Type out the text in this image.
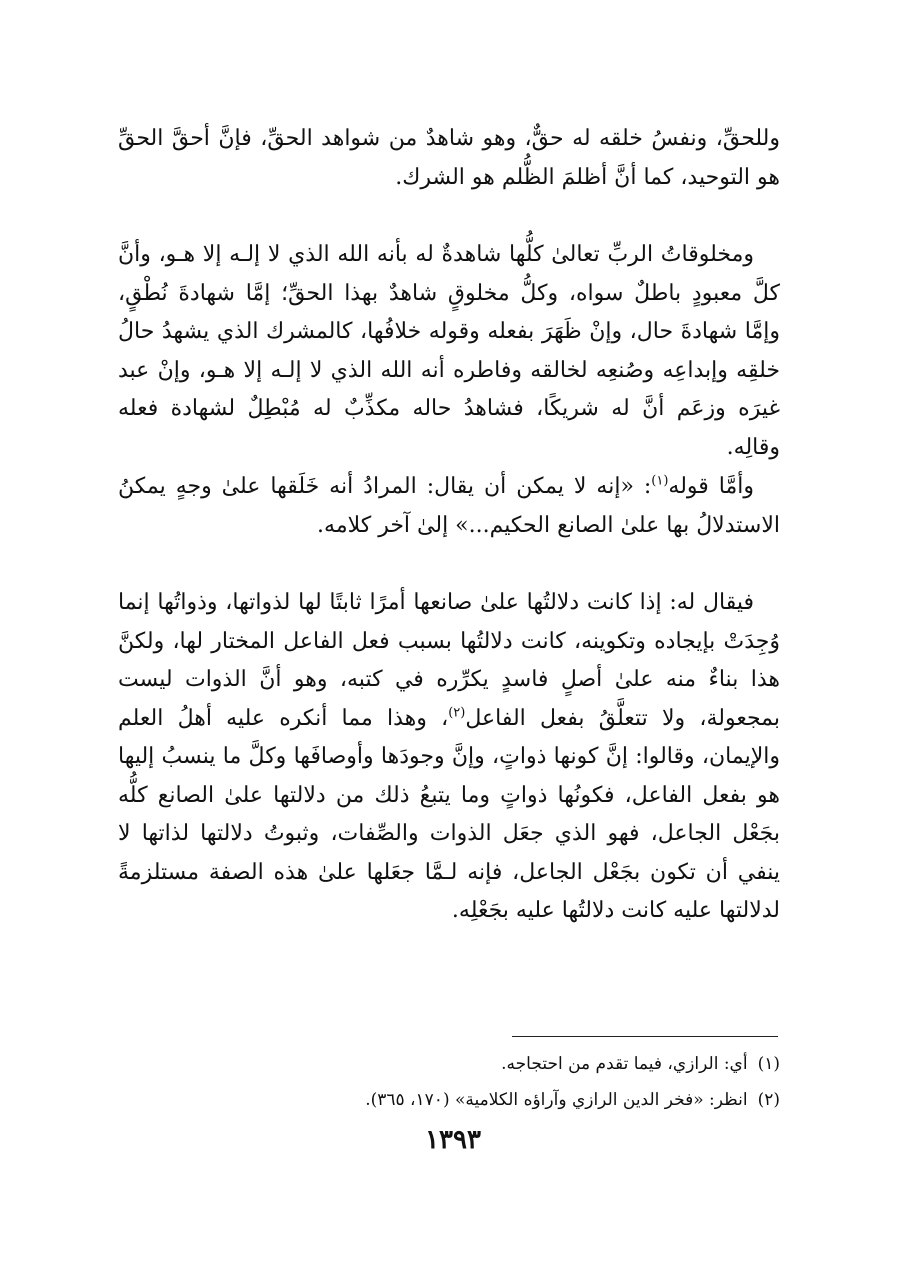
وللحقِّ، ونفسُ خلقه له حقٌّ، وهو شاهدٌ من شواهد الحقِّ، فإنَّ أحقَّ الحقِّ هو التوحيد، كما أنَّ أظلمَ الظُّلم هو الشرك.

ومخلوقاتُ الربِّ تعالىٰ كلُّها شاهدةٌ له بأنه الله الذي لا إلـه إلا هـو، وأنَّ كلَّ معبودٍ باطلٌ سواه، وكلُّ مخلوقٍ شاهدٌ بهذا الحقِّ؛ إمَّا شهادةَ نُطْقٍ، وإمَّا شهادةَ حال، وإنْ ظَهَرَ بفعله وقوله خلافُها، كالمشرك الذي يشهدُ حالُ خلقِه وإبداعِه وصُنعِه لخالقه وفاطره أنه الله الذي لا إلـه إلا هـو، وإنْ عبد غيرَه وزعَم أنَّ له شريكًا، فشاهدُ حاله مكذِّبٌ له مُبْطِلٌ لشهادة فعله وقالِه.

وأمَّا قوله$^{(١)}$: «إنه لا يمكن أن يقال: المرادُ أنه خَلَقها علىٰ وجهٍ يمكنُ الاستدلالُ بها علىٰ الصانع الحكيم...» إلىٰ آخر كلامه.

فيقال له: إذا كانت دلالتُها علىٰ صانعها أمرًا ثابتًا لها لذواتها، وذواتُها إنما وُجِدَتْ بإيجاده وتكوينه، كانت دلالتُها بسبب فعل الفاعل المختار لها، ولكنَّ هذا بناءٌ منه علىٰ أصلٍ فاسدٍ يكرِّره في كتبه، وهو أنَّ الذوات ليست بمجعولة، ولا تتعلَّقُ بفعل الفاعل$^{(٢)}$، وهذا مما أنكره عليه أهلُ العلم والإيمان، وقالوا: إنَّ كونها ذواتٍ، وإنَّ وجودَها وأوصافَها وكلَّ ما ينسبُ إليها هو بفعل الفاعل، فكونُها ذواتٍ وما يتبعُ ذلك من دلالتها علىٰ الصانع كلُّه بجَعْل الجاعل، فهو الذي جعَل الذوات والصِّفات، وثبوتُ دلالتها لذاتها لا ينفي أن تكون بجَعْل الجاعل، فإنه لـمَّا جعَلها علىٰ هذه الصفة مستلزمةً لدلالتها عليه كانت دلالتُها عليه بجَعْلِه.

(١)أي: الرازي، فيما تقدم من احتجاجه.
(٢)انظر: «فخر الدين الرازي وآراؤه الكلامية» (١٧٠، ٣٦٥).
١٣٩٣
